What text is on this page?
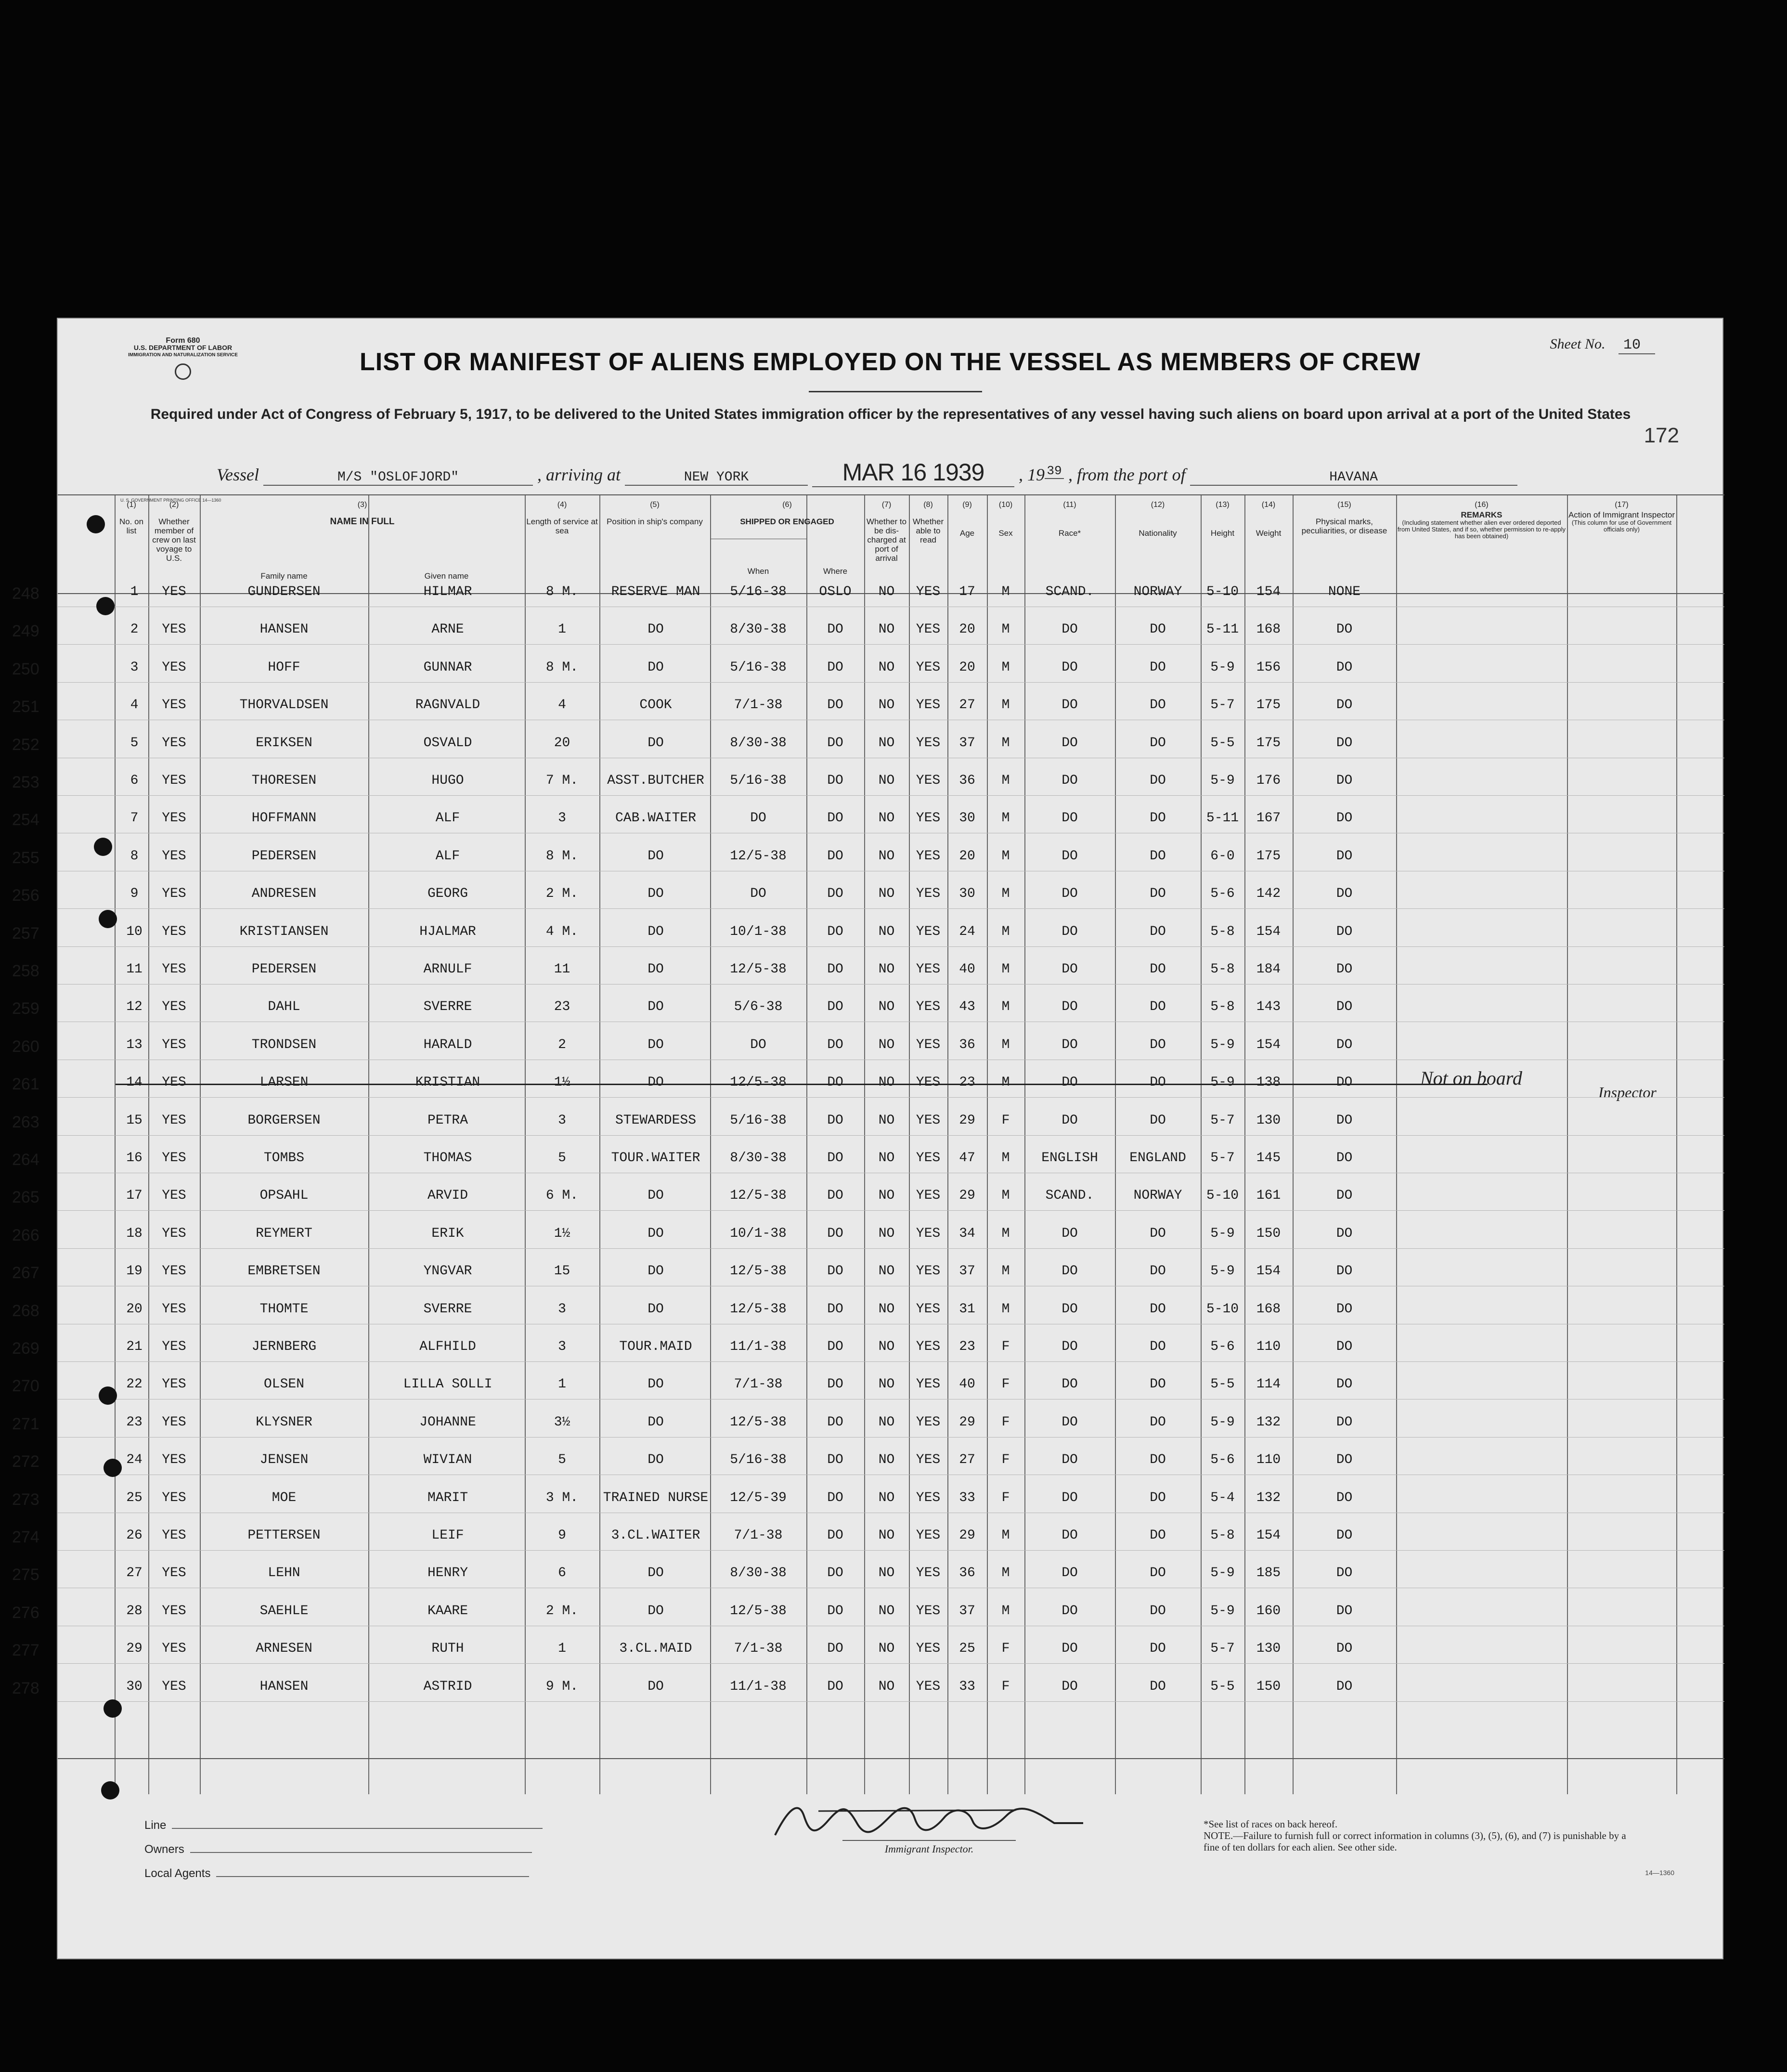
Form 680
U.S. DEPARTMENT OF LABOR
IMMIGRATION AND NATURALIZATION SERVICE
Sheet No. 10
LIST OR MANIFEST OF ALIENS EMPLOYED ON THE VESSEL AS MEMBERS OF CREW
Required under Act of Congress of February 5, 1917, to be delivered to the United States immigration officer by the representatives of any vessel having such aliens on board upon arrival at a port of the United States
172
Vessel	M/S "OSLOFJORD"	, arriving at	NEW YORK	MAR 16 1939 , 19 39 , from the port of	HAVANA
U. S. GOVERNMENT PRINTING OFFICE 14—1360
(1)
No. on list
(2)
Whether member of crew on last voyage to U.S.
(3)
NAME IN FULL
Family name	Given name
(4)
Length of service at sea
(5)
Position in ship's company
(6)
SHIPPED OR ENGAGED
When	Where
(7)
Whether to be dis-charged at port of arrival
(8)
Whether able to read
(9)
Age
(10)
Sex
(11)
Race*
(12)
Nationality
(13)
Height
(14)
Weight
(15)
Physical marks, peculiarities, or disease
(16)
REMARKS
(Including statement whether alien ever ordered deported from United States, and if so, whether permission to re-apply has been obtained)
(17)
Action of Immigrant Inspector
(This column for use of Government officials only)
248	1	YES	GUNDERSEN	HILMAR	8 M.	RESERVE MAN	5/16-38	OSLO	NO	YES	17	M	SCAND.	NORWAY	5-10	154	NONE
249	2	YES	HANSEN	ARNE	1	DO	8/30-38	DO	NO	YES	20	M	DO	DO	5-11	168	DO
250	3	YES	HOFF	GUNNAR	8 M.	DO	5/16-38	DO	NO	YES	20	M	DO	DO	5-9	156	DO
251	4	YES	THORVALDSEN	RAGNVALD	4	COOK	7/1-38	DO	NO	YES	27	M	DO	DO	5-7	175	DO
252	5	YES	ERIKSEN	OSVALD	20	DO	8/30-38	DO	NO	YES	37	M	DO	DO	5-5	175	DO
253	6	YES	THORESEN	HUGO	7 M.	ASST.BUTCHER	5/16-38	DO	NO	YES	36	M	DO	DO	5-9	176	DO
254	7	YES	HOFFMANN	ALF	3	CAB.WAITER	DO	DO	NO	YES	30	M	DO	DO	5-11	167	DO
255	8	YES	PEDERSEN	ALF	8 M.	DO	12/5-38	DO	NO	YES	20	M	DO	DO	6-0	175	DO
256	9	YES	ANDRESEN	GEORG	2 M.	DO	DO	DO	NO	YES	30	M	DO	DO	5-6	142	DO
257	10	YES	KRISTIANSEN	HJALMAR	4 M.	DO	10/1-38	DO	NO	YES	24	M	DO	DO	5-8	154	DO
258	11	YES	PEDERSEN	ARNULF	11	DO	12/5-38	DO	NO	YES	40	M	DO	DO	5-8	184	DO
259	12	YES	DAHL	SVERRE	23	DO	5/6-38	DO	NO	YES	43	M	DO	DO	5-8	143	DO
260	13	YES	TRONDSEN	HARALD	2	DO	DO	DO	NO	YES	36	M	DO	DO	5-9	154	DO
261	14	YES	LARSEN	KRISTIAN	1½	DO	12/5-38	DO	NO	YES	23	M	DO	DO	5-9	138	DO	Not on board
Inspector
263	15	YES	BORGERSEN	PETRA	3	STEWARDESS	5/16-38	DO	NO	YES	29	F	DO	DO	5-7	130	DO
264	16	YES	TOMBS	THOMAS	5	TOUR.WAITER	8/30-38	DO	NO	YES	47	M	ENGLISH	ENGLAND	5-7	145	DO
265	17	YES	OPSAHL	ARVID	6 M.	DO	12/5-38	DO	NO	YES	29	M	SCAND.	NORWAY	5-10	161	DO
266	18	YES	REYMERT	ERIK	1½	DO	10/1-38	DO	NO	YES	34	M	DO	DO	5-9	150	DO
267	19	YES	EMBRETSEN	YNGVAR	15	DO	12/5-38	DO	NO	YES	37	M	DO	DO	5-9	154	DO
268	20	YES	THOMTE	SVERRE	3	DO	12/5-38	DO	NO	YES	31	M	DO	DO	5-10	168	DO
269	21	YES	JERNBERG	ALFHILD	3	TOUR.MAID	11/1-38	DO	NO	YES	23	F	DO	DO	5-6	110	DO
270	22	YES	OLSEN	LILLA SOLLI	1	DO	7/1-38	DO	NO	YES	40	F	DO	DO	5-5	114	DO
271	23	YES	KLYSNER	JOHANNE	3½	DO	12/5-38	DO	NO	YES	29	F	DO	DO	5-9	132	DO
272	24	YES	JENSEN	WIVIAN	5	DO	5/16-38	DO	NO	YES	27	F	DO	DO	5-6	110	DO
273	25	YES	MOE	MARIT	3 M.	TRAINED NURSE	12/5-39	DO	NO	YES	33	F	DO	DO	5-4	132	DO
274	26	YES	PETTERSEN	LEIF	9	3.CL.WAITER	7/1-38	DO	NO	YES	29	M	DO	DO	5-8	154	DO
275	27	YES	LEHN	HENRY	6	DO	8/30-38	DO	NO	YES	36	M	DO	DO	5-9	185	DO
276	28	YES	SAEHLE	KAARE	2 M.	DO	12/5-38	DO	NO	YES	37	M	DO	DO	5-9	160	DO
277	29	YES	ARNESEN	RUTH	1	3.CL.MAID	7/1-38	DO	NO	YES	25	F	DO	DO	5-7	130	DO
278	30	YES	HANSEN	ASTRID	9 M.	DO	11/1-38	DO	NO	YES	33	F	DO	DO	5-5	150	DO
Line
Owners
Local Agents
Immigrant Inspector.
*See list of races on back hereof.
NOTE.—Failure to furnish full or correct information in columns (3), (5), (6), and (7) is punishable by a fine of ten dollars for each alien. See other side.
14—1360
